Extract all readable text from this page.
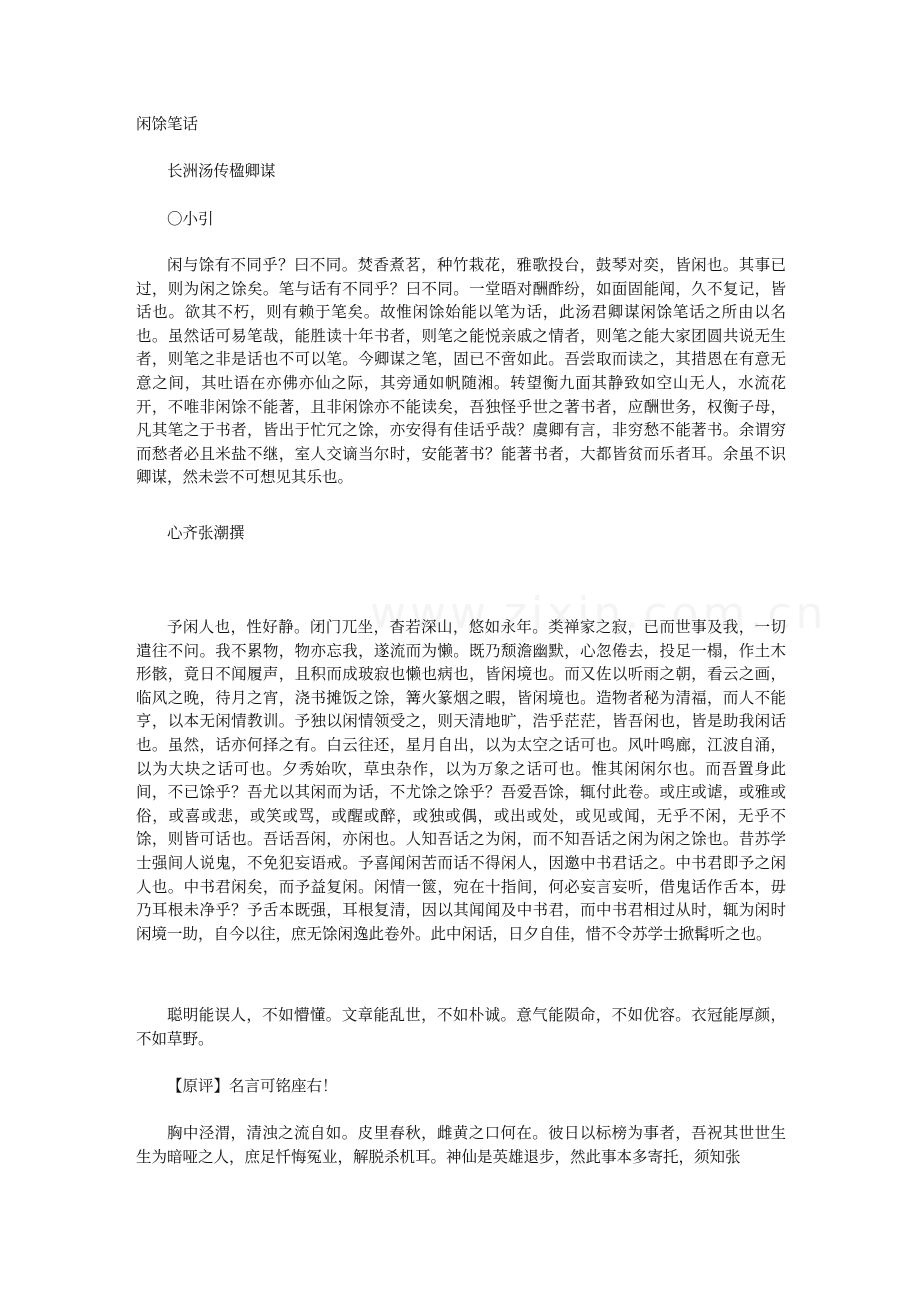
闲馀笔话
长洲汤传楹卿谋
〇小引

闲与馀有不同乎？曰不同。焚香煮茗，种竹栽花，雅歌投台，鼓琴对奕，皆闲也。其事已过，则为闲之馀矣。笔与话有不同乎？曰不同。一堂晤对酬酢纷，如面固能闻，久不复记，皆话也。欲其不朽，则有赖于笔矣。故惟闲馀始能以笔为话，此汤君卿谋闲馀笔话之所由以名也。虽然话可易笔哉，能胜读十年书者，则笔之能悦亲戚之情者，则笔之能大家团圆共说无生者，则笔之非是话也不可以笔。今卿谋之笔，固已不啻如此。吾尝取而读之，其措恩在有意无意之间，其吐语在亦佛亦仙之际，其旁通如帆随湘。转望衡九面其静致如空山无人，水流花开，不唯非闲馀不能著，且非闲馀亦不能读矣，吾独怪乎世之著书者，应酬世务，权衡子母，凡其笔之于书者，皆出于忙冗之馀，亦安得有佳话乎哉？虞卿有言，非穷愁不能著书。余谓穷而愁者必且米盐不继，室人交谪当尔时，安能著书？能著书者，大都皆贫而乐者耳。余虽不识卿谋，然未尝不可想见其乐也。

心齐张潮撰

予闲人也，性好静。闭门兀坐，杳若深山，悠如永年。类禅家之寂，已而世事及我，一切遣往不问。我不累物，物亦忘我，遂流而为懒。既乃颓澹幽默，心忽倦去，投足一榻，作土木形骸，竟日不闻履声，且积而成玻寂也懒也病也，皆闲境也。而又佐以听雨之朝，看云之画，临风之晚，待月之宵，浇书摊饭之馀，篝火篆烟之暇，皆闲境也。造物者秘为清福，而人不能亨，以本无闲情教训。予独以闲情领受之，则天清地旷，浩乎茫茫，皆吾闲也，皆是助我闲话也。虽然，话亦何择之有。白云往还，星月自出，以为太空之话可也。风叶鸣廊，江波自涌，以为大块之话可也。夕秀始吹，草虫杂作，以为万象之话可也。惟其闲闲尔也。而吾置身此间，不已馀乎？吾尤以其闲而为话，不尤馀之馀乎？吾爱吾馀，辄付此卷。或庄或谑，或雅或俗，或喜或悲，或笑或骂，或醒或醉，或独或偶，或出或处，或见或闻，无乎不闲，无乎不馀，则皆可话也。吾话吾闲，亦闲也。人知吾话之为闲，而不知吾话之闲为闲之馀也。昔苏学士强间人说鬼，不免犯妄语戒。予喜闻闲苦而话不得闲人，因邀中书君话之。中书君即予之闲人也。中书君闲矣，而予益复闲。闲情一篋，宛在十指间，何必妄言妄听，借鬼话作舌本，毋乃耳根未净乎？予舌本既强，耳根复清，因以其闻闻及中书君，而中书君相过从时，辄为闲时闲境一助，自今以往，庶无馀闲逸此卷外。此中闲话，日夕自佳，惜不令苏学士掀髯听之也。

聪明能误人，不如懵懂。文章能乱世，不如朴诚。意气能陨命，不如优容。衣冠能厚颜，不如草野。

【原评】名言可铭座右！

胸中泾渭，清浊之流自如。皮里春秋，雌黄之口何在。彼日以标榜为事者，吾祝其世世生生为暗哑之人，庶足忏悔冤业，解脱杀机耳。神仙是英雄退步，然此事本多寄托，须知张
